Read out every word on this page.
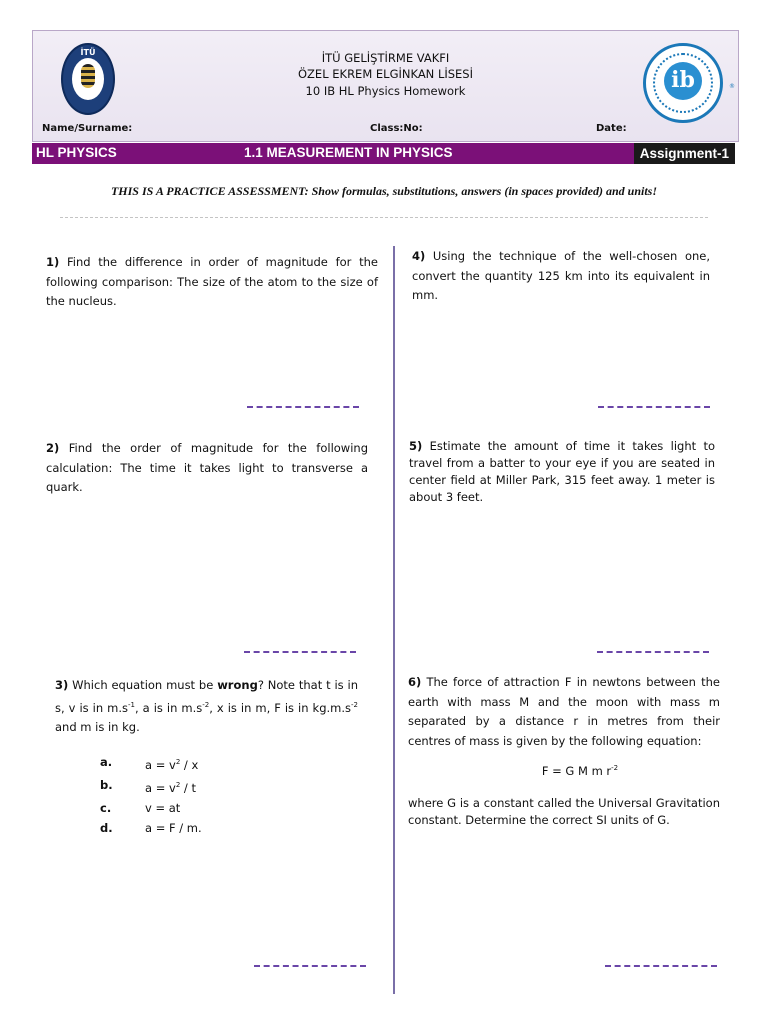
İTÜ	İTÜ GELİŞTİRME VAKFI
ÖZEL EKREM ELGİNKAN LİSESİ
10 IB HL Physics Homework	ib	®
Name/Surname:	Class:No:	Date:
HL PHYSICS	1.1 MEASUREMENT IN PHYSICS	Assignment-1
THIS IS A PRACTICE ASSESSMENT: Show formulas, substitutions, answers (in spaces provided) and units!
1) Find the difference in order of magnitude for the following comparison: The size of the atom to the size of the nucleus.
2) Find the order of magnitude for the following calculation: The time it takes light to transverse a quark.
3) Which equation must be wrong? Note that t is in s, v is in $m.s^{-1}$, a is in $m.s^{-2}$, x is in m, F is in $kg.m.s^{-2}$ and m is in kg.
a.	$a = v^2 / x$
b.	$a = v^2 / t$
c.	v = at
d.	a = F / m.
4) Using the technique of the well-chosen one, convert the quantity 125 km into its equivalent in mm.
5) Estimate the amount of time it takes light to travel from a batter to your eye if you are seated in center field at Miller Park, 315 feet away. 1 meter is about 3 feet.
6) The force of attraction F in newtons between the earth with mass M and the moon with mass m separated by a distance r in metres from their centres of mass is given by the following equation:
F = G M m $r^{-2}$
where G is a constant called the Universal Gravitation constant. Determine the correct SI units of G.
